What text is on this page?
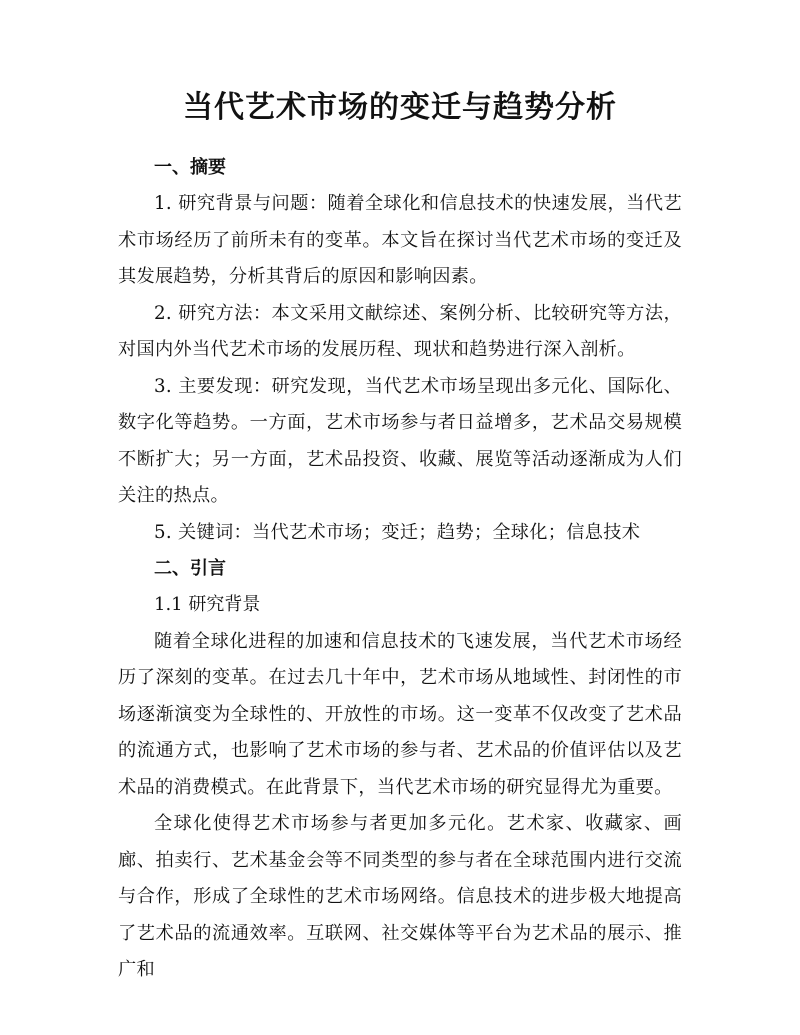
当代艺术市场的变迁与趋势分析

一、摘要

1. 研究背景与问题：随着全球化和信息技术的快速发展，当代艺术市场经历了前所未有的变革。本文旨在探讨当代艺术市场的变迁及其发展趋势，分析其背后的原因和影响因素。

2. 研究方法：本文采用文献综述、案例分析、比较研究等方法，对国内外当代艺术市场的发展历程、现状和趋势进行深入剖析。

3. 主要发现：研究发现，当代艺术市场呈现出多元化、国际化、数字化等趋势。一方面，艺术市场参与者日益增多，艺术品交易规模不断扩大；另一方面，艺术品投资、收藏、展览等活动逐渐成为人们关注的热点。

5. 关键词：当代艺术市场；变迁；趋势；全球化；信息技术

二、引言

1.1 研究背景

随着全球化进程的加速和信息技术的飞速发展，当代艺术市场经历了深刻的变革。在过去几十年中，艺术市场从地域性、封闭性的市场逐渐演变为全球性的、开放性的市场。这一变革不仅改变了艺术品的流通方式，也影响了艺术市场的参与者、艺术品的价值评估以及艺术品的消费模式。在此背景下，当代艺术市场的研究显得尤为重要。

全球化使得艺术市场参与者更加多元化。艺术家、收藏家、画廊、拍卖行、艺术基金会等不同类型的参与者在全球范围内进行交流与合作，形成了全球性的艺术市场网络。信息技术的进步极大地提高了艺术品的流通效率。互联网、社交媒体等平台为艺术品的展示、推广和
